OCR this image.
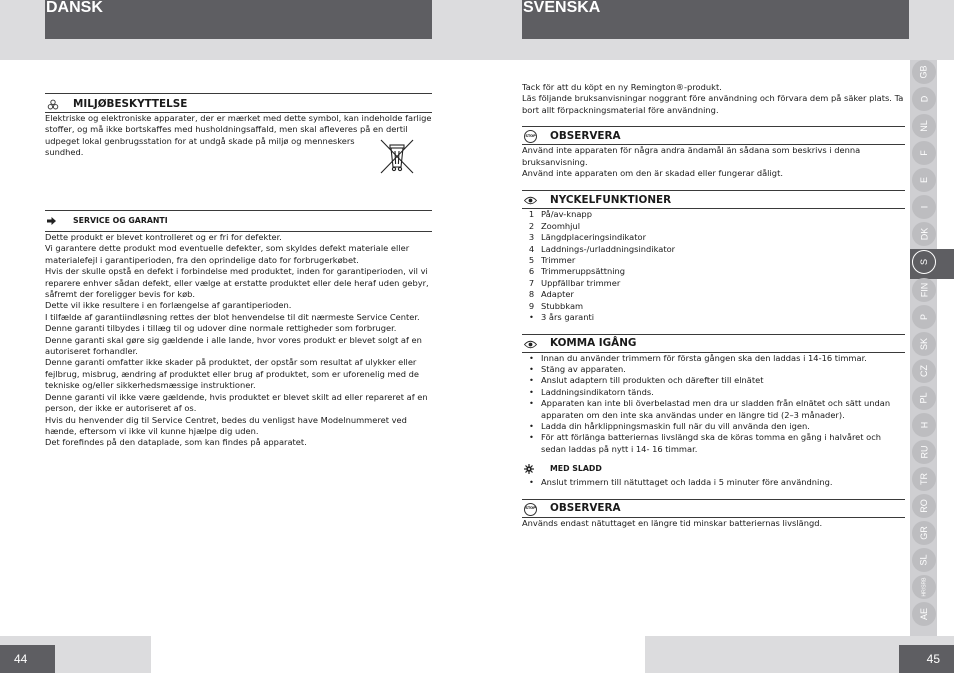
DANSK	SVENSKA
MILJØBESKYTTELSE
Elektriske og elektroniske apparater, der er mærket med dette symbol, kan indeholde farlige
stoffer, og må ikke bortskaffes med husholdningsaffald, men skal afleveres på en dertil
udpeget lokal genbrugsstation for at undgå skade på miljø og menneskers
sundhed.
SERVICE OG GARANTI
Dette produkt er blevet kontrolleret og er fri for defekter.
Vi garantere dette produkt mod eventuelle defekter, som skyldes defekt materiale eller
materialefejl i garantiperioden, fra den oprindelige dato for forbrugerkøbet.
Hvis der skulle opstå en defekt i forbindelse med produktet, inden for garantiperioden, vil vi
reparere enhver sådan defekt, eller vælge at erstatte produktet eller dele heraf uden gebyr,
såfremt der foreligger bevis for køb.
Dette vil ikke resultere i en forlængelse af garantiperioden.
I tilfælde af garantiindløsning rettes der blot henvendelse til dit nærmeste Service Center.
Denne garanti tilbydes i tillæg til og udover dine normale rettigheder som forbruger.
Denne garanti skal gøre sig gældende i alle lande, hvor vores produkt er blevet solgt af en
autoriseret forhandler.
Denne garanti omfatter ikke skader på produktet, der opstår som resultat af ulykker eller
fejlbrug, misbrug, ændring af produktet eller brug af produktet, som er uforenelig med de
tekniske og/eller sikkerhedsmæssige instruktioner.
Denne garanti vil ikke være gældende, hvis produktet er blevet skilt ad eller repareret af en
person, der ikke er autoriseret af os.
Hvis du henvender dig til Service Centret, bedes du venligst have Modelnummeret ved
hænde, eftersom vi ikke vil kunne hjælpe dig uden.
Det forefindes på den dataplade, som kan findes på apparatet.
Tack för att du köpt en ny Remington®-produkt.
Läs följande bruksanvisningar noggrant före användning och förvara dem på säker plats. Ta
bort allt förpackningsmaterial före användning.
STOP	OBSERVERA
Använd inte apparaten för några andra ändamål än sådana som beskrivs i denna
bruksanvisning.
Använd inte apparaten om den är skadad eller fungerar dåligt.
NYCKELFUNKTIONER
1 På/av-knapp
2 Zoomhjul
3 Längdplaceringsindikator
4 Laddnings-/urladdningsindikator
5 Trimmer
6 Trimmeruppsättning
7 Uppfällbar trimmer
8 Adapter
9 Stubbkam
• 3 års garanti
KOMMA IGÅNG
• Innan du använder trimmern för första gången ska den laddas i 14-16 timmar.
• Stäng av apparaten.
• Anslut adaptern till produkten och därefter till elnätet
• Laddningsindikatorn tänds.
• Apparaten kan inte bli överbelastad men dra ur sladden från elnätet och sätt undan apparaten om den inte ska användas under en längre tid (2–3 månader).
• Ladda din hårklippningsmaskin full när du vill använda den igen.
• För att förlänga batteriernas livslängd ska de köras tomma en gång i halvåret och sedan laddas på nytt i 14- 16 timmar.
MED SLADD
• Anslut trimmern till nätuttaget och ladda i 5 minuter före användning.
STOP	OBSERVERA
Används endast nätuttaget en längre tid minskar batteriernas livslängd.
GB
D
NL
F
E
I
DK
S
FIN
P
SK
CZ
PL
H
RU
TR
RO
GR
SL
HR/SRB
AE
44	45
